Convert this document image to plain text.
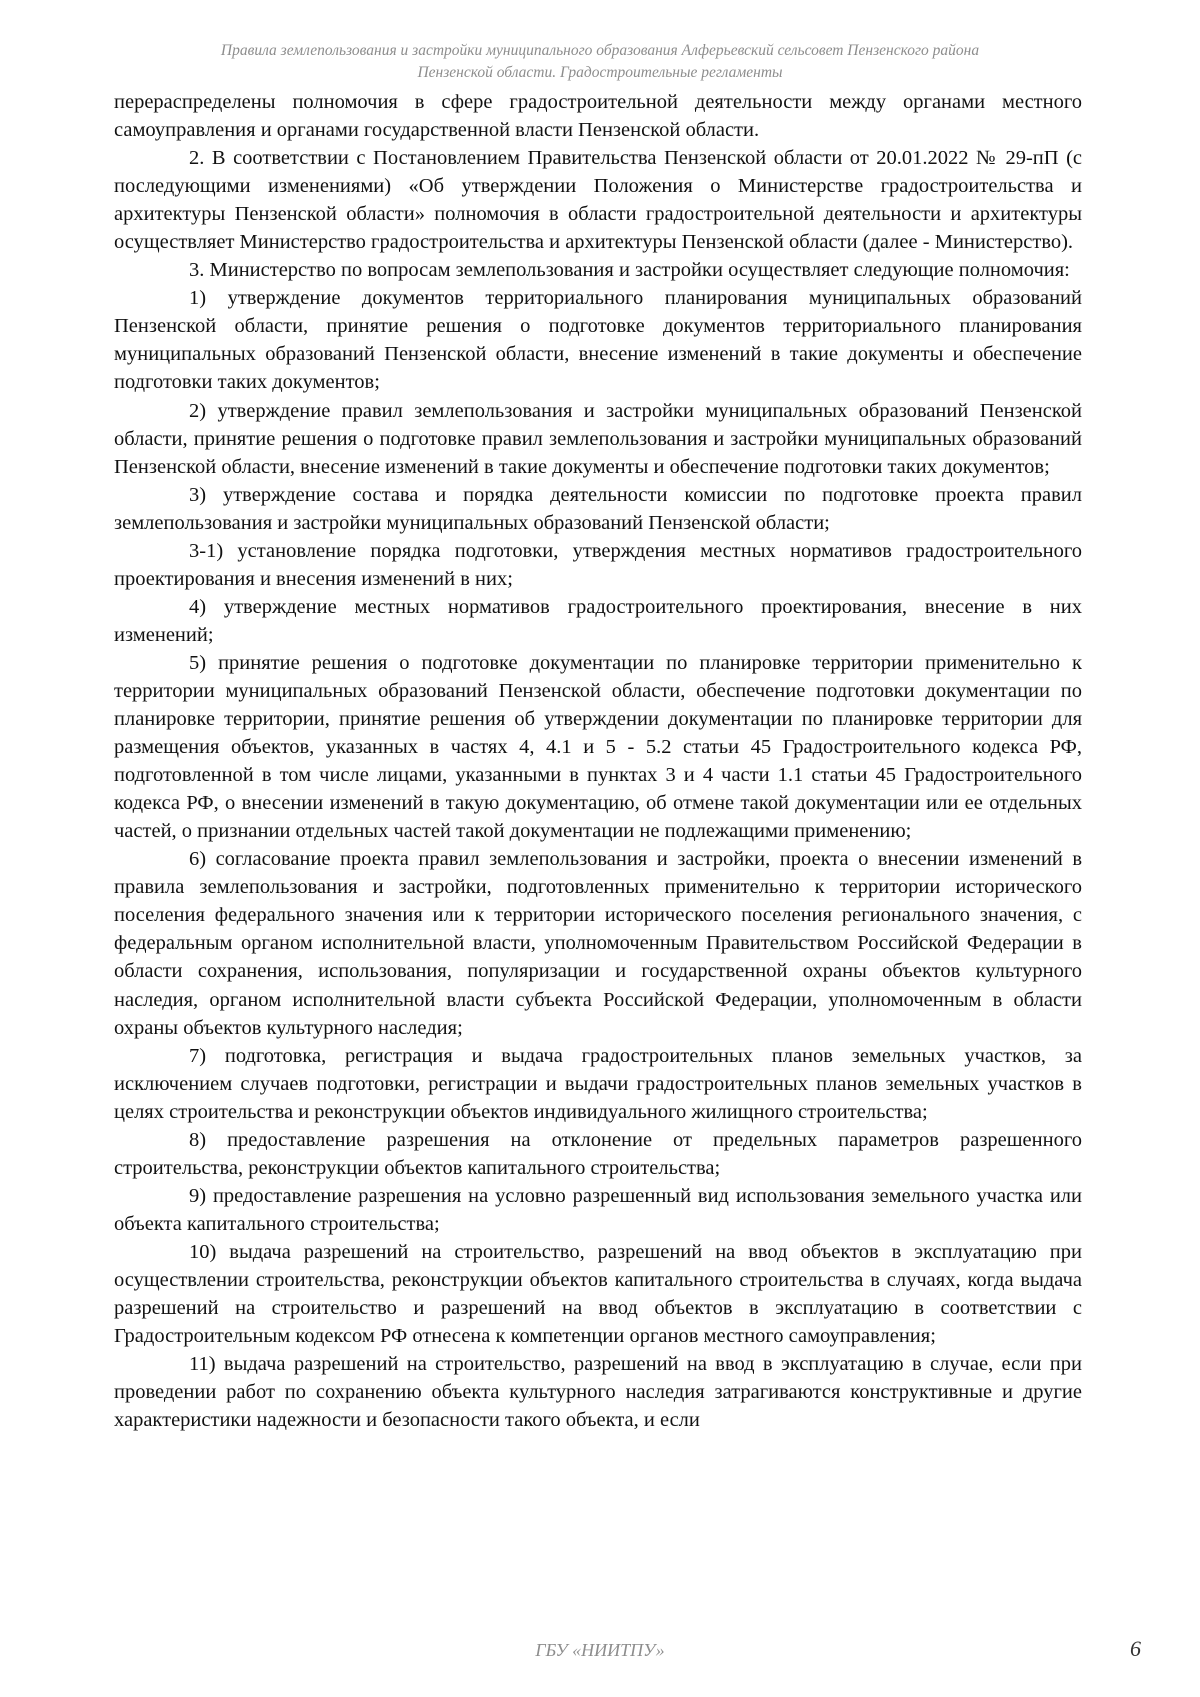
Правила землепользования и застройки муниципального образования Алферьевский сельсовет Пензенского района
Пензенской области. Градостроительные регламенты

перераспределены полномочия в сфере градостроительной деятельности между органами местного самоуправления и органами государственной власти Пензенской области.

2. В соответствии с Постановлением Правительства Пензенской области от 20.01.2022 № 29-пП (с последующими изменениями) «Об утверждении Положения о Министерстве градостроительства и архитектуры Пензенской области» полномочия в области градостроительной деятельности и архитектуры осуществляет Министерство градостроительства и архитектуры Пензенской области (далее - Министерство).

3. Министерство по вопросам землепользования и застройки осуществляет следующие полномочия:

1) утверждение документов территориального планирования муниципальных образований Пензенской области, принятие решения о подготовке документов территориального планирования муниципальных образований Пензенской области, внесение изменений в такие документы и обеспечение подготовки таких документов;

2) утверждение правил землепользования и застройки муниципальных образований Пензенской области, принятие решения о подготовке правил землепользования и застройки муниципальных образований Пензенской области, внесение изменений в такие документы и обеспечение подготовки таких документов;

3) утверждение состава и порядка деятельности комиссии по подготовке проекта правил землепользования и застройки муниципальных образований Пензенской области;

3-1) установление порядка подготовки, утверждения местных нормативов градостроительного проектирования и внесения изменений в них;

4) утверждение местных нормативов градостроительного проектирования, внесение в них изменений;

5) принятие решения о подготовке документации по планировке территории применительно к территории муниципальных образований Пензенской области, обеспечение подготовки документации по планировке территории, принятие решения об утверждении документации по планировке территории для размещения объектов, указанных в частях 4, 4.1 и 5 - 5.2 статьи 45 Градостроительного кодекса РФ, подготовленной в том числе лицами, указанными в пунктах 3 и 4 части 1.1 статьи 45 Градостроительного кодекса РФ, о внесении изменений в такую документацию, об отмене такой документации или ее отдельных частей, о признании отдельных частей такой документации не подлежащими применению;

6) согласование проекта правил землепользования и застройки, проекта о внесении изменений в правила землепользования и застройки, подготовленных применительно к территории исторического поселения федерального значения или к территории исторического поселения регионального значения, с федеральным органом исполнительной власти, уполномоченным Правительством Российской Федерации в области сохранения, использования, популяризации и государственной охраны объектов культурного наследия, органом исполнительной власти субъекта Российской Федерации, уполномоченным в области охраны объектов культурного наследия;

7) подготовка, регистрация и выдача градостроительных планов земельных участков, за исключением случаев подготовки, регистрации и выдачи градостроительных планов земельных участков в целях строительства и реконструкции объектов индивидуального жилищного строительства;

8) предоставление разрешения на отклонение от предельных параметров разрешенного строительства, реконструкции объектов капитального строительства;

9) предоставление разрешения на условно разрешенный вид использования земельного участка или объекта капитального строительства;

10) выдача разрешений на строительство, разрешений на ввод объектов в эксплуатацию при осуществлении строительства, реконструкции объектов капитального строительства в случаях, когда выдача разрешений на строительство и разрешений на ввод объектов в эксплуатацию в соответствии с Градостроительным кодексом РФ отнесена к компетенции органов местного самоуправления;

11) выдача разрешений на строительство, разрешений на ввод в эксплуатацию в случае, если при проведении работ по сохранению объекта культурного наследия затрагиваются конструктивные и другие характеристики надежности и безопасности такого объекта, и если

ГБУ «НИИТПУ»	6
